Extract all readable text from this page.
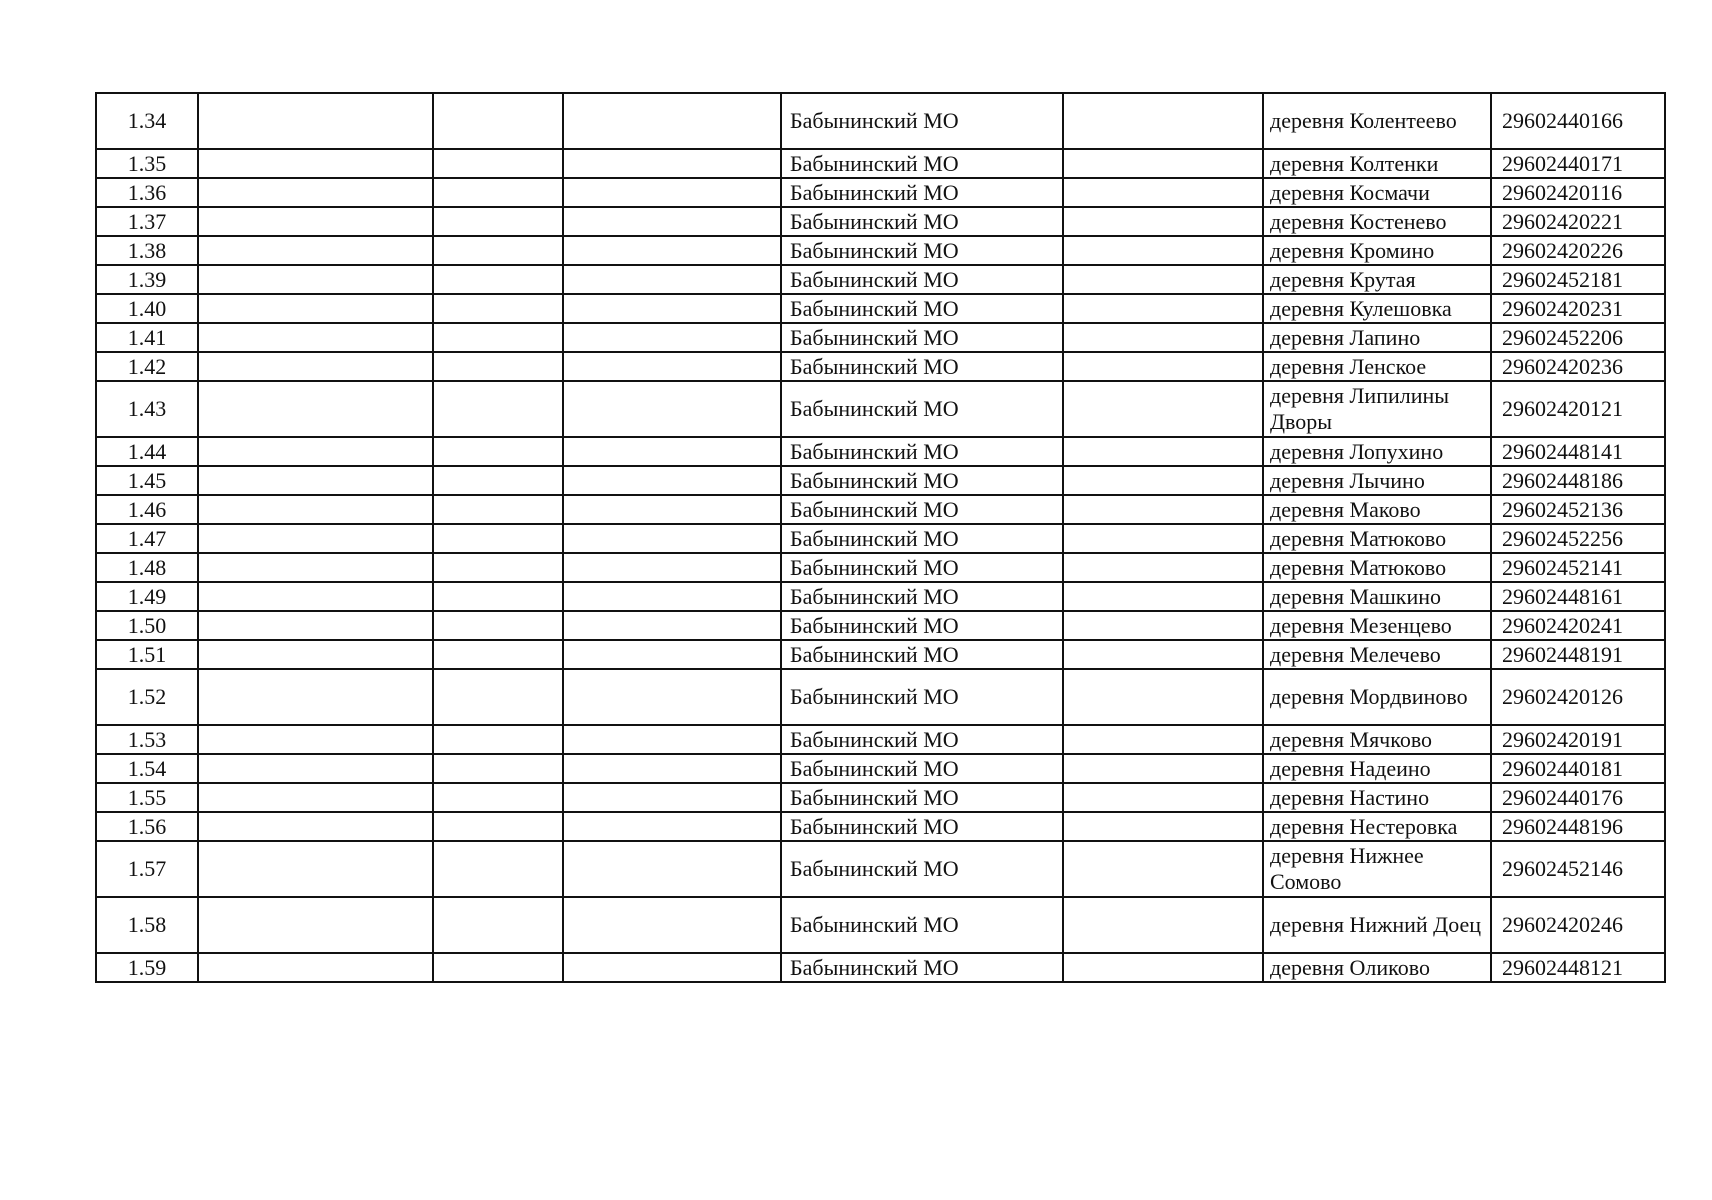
1.34				Бабынинский МО		деревня Колентеево	29602440166
1.35				Бабынинский МО		деревня Колтенки	29602440171
1.36				Бабынинский МО		деревня Космачи	29602420116
1.37				Бабынинский МО		деревня Костенево	29602420221
1.38				Бабынинский МО		деревня Кромино	29602420226
1.39				Бабынинский МО		деревня Крутая	29602452181
1.40				Бабынинский МО		деревня Кулешовка	29602420231
1.41				Бабынинский МО		деревня Лапино	29602452206
1.42				Бабынинский МО		деревня Ленское	29602420236
1.43				Бабынинский МО		деревня Липилины Дворы	29602420121
1.44				Бабынинский МО		деревня Лопухино	29602448141
1.45				Бабынинский МО		деревня Лычино	29602448186
1.46				Бабынинский МО		деревня Маково	29602452136
1.47				Бабынинский МО		деревня Матюково	29602452256
1.48				Бабынинский МО		деревня Матюково	29602452141
1.49				Бабынинский МО		деревня Машкино	29602448161
1.50				Бабынинский МО		деревня Мезенцево	29602420241
1.51				Бабынинский МО		деревня Мелечево	29602448191
1.52				Бабынинский МО		деревня Мордвиново	29602420126
1.53				Бабынинский МО		деревня Мячково	29602420191
1.54				Бабынинский МО		деревня Надеино	29602440181
1.55				Бабынинский МО		деревня Настино	29602440176
1.56				Бабынинский МО		деревня Нестеровка	29602448196
1.57				Бабынинский МО		деревня Нижнее Сомово	29602452146
1.58				Бабынинский МО		деревня Нижний Доец	29602420246
1.59				Бабынинский МО		деревня Оликово	29602448121
